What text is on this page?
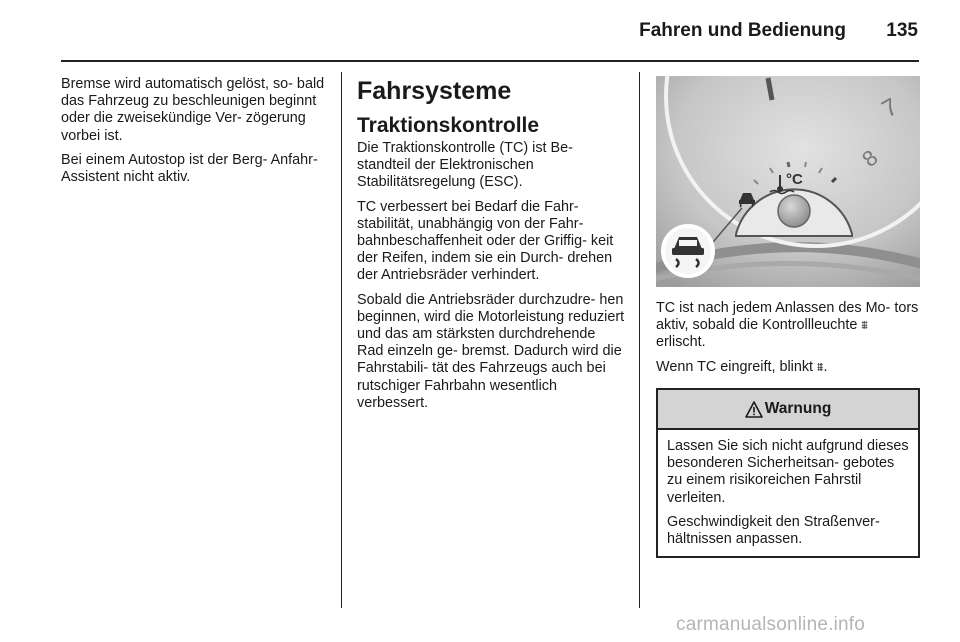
Fahren und Bedienung	135

Bremse wird automatisch gelöst, so‐ bald das Fahrzeug zu beschleunigen beginnt oder die zweisekündige Ver‐ zögerung vorbei ist.

Bei einem Autostop ist der Berg‐ Anfahr-Assistent nicht aktiv.

Fahrsysteme
Traktionskontrolle

Die Traktionskontrolle (TC) ist Be‐ standteil der Elektronischen Stabilitätsregelung (ESC).

TC verbessert bei Bedarf die Fahr‐ stabilität, unabhängig von der Fahr‐ bahnbeschaffenheit oder der Griffig‐ keit der Reifen, indem sie ein Durch‐ drehen der Antriebsräder verhindert.

Sobald die Antriebsräder durchzudre‐ hen beginnen, wird die Motorleistung reduziert und das am stärksten durchdrehende Rad einzeln ge‐ bremst. Dadurch wird die Fahrstabili‐ tät des Fahrzeugs auch bei rutschiger Fahrbahn wesentlich verbessert.

7
8
°C

TC ist nach jedem Anlassen des Mo‐ tors aktiv, sobald die Kontrollleuchte ⩩ erlischt.

Wenn TC eingreift, blinkt ⩩.

Warnung

Lassen Sie sich nicht aufgrund dieses besonderen Sicherheitsan‐ gebotes zu einem risikoreichen Fahrstil verleiten.

Geschwindigkeit den Straßenver‐ hältnissen anpassen.

carmanualsonline.info
